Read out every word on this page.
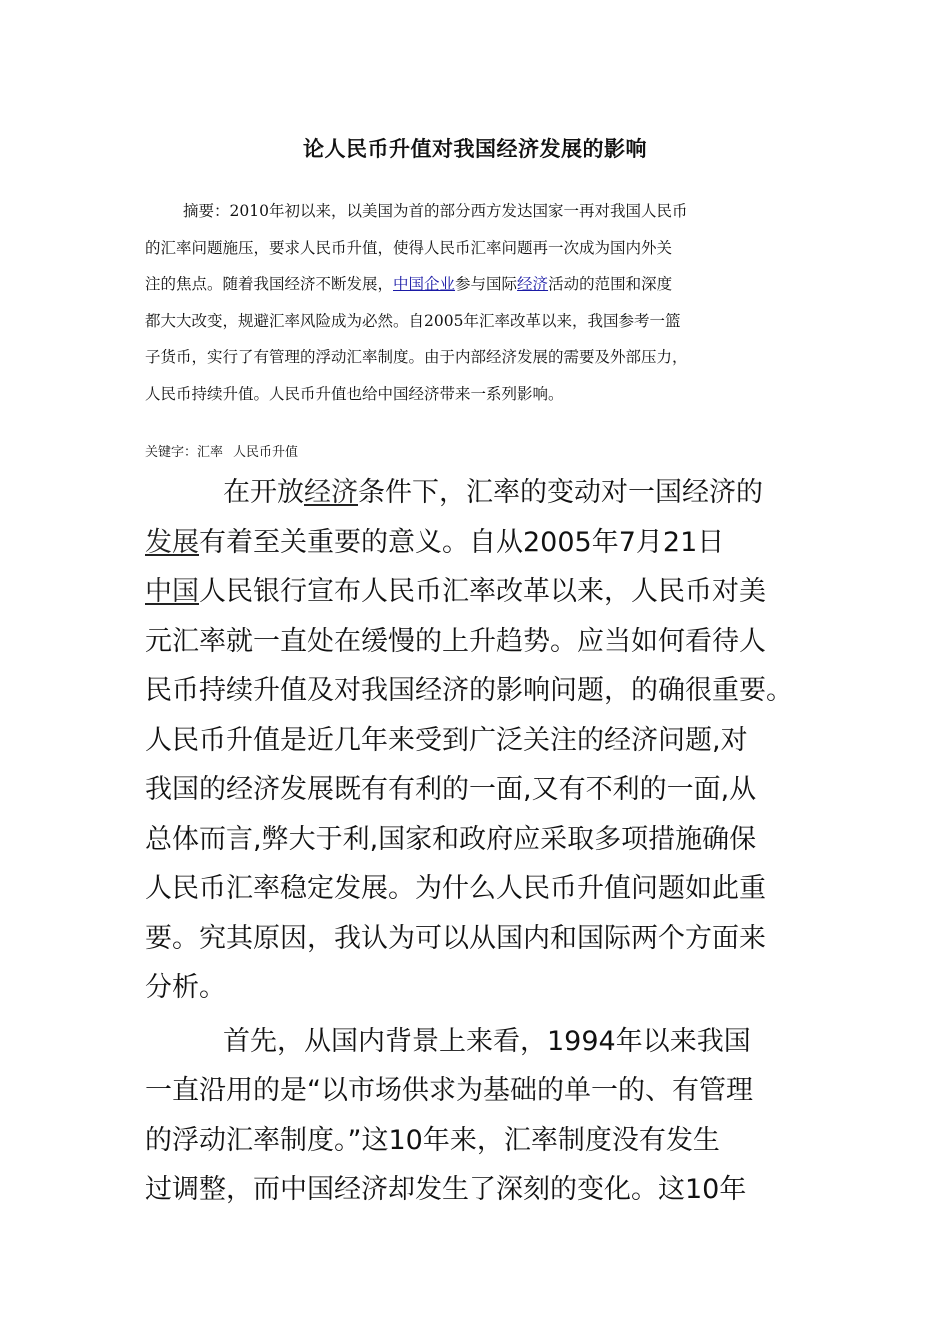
论人民币升值对我国经济发展的影响
摘要：2010年初以来，以美国为首的部分西方发达国家一再对我国人民币
的汇率问题施压，要求人民币升值，使得人民币汇率问题再一次成为国内外关
注的焦点。随着我国经济不断发展，中国企业参与国际经济活动的范围和深度
都大大改变，规避汇率风险成为必然。自2005年汇率改革以来，我国参考一篮
子货币，实行了有管理的浮动汇率制度。由于内部经济发展的需要及外部压力，
人民币持续升值。人民币升值也给中国经济带来一系列影响。
关键字：汇率 人民币升值

在开放经济条件下，汇率的变动对一国经济的
发展有着至关重要的意义。自从2005年7月21日
中国人民银行宣布人民币汇率改革以来，人民币对美
元汇率就一直处在缓慢的上升趋势。应当如何看待人
民币持续升值及对我国经济的影响问题，的确很重要。
人民币升值是近几年来受到广泛关注的经济问题,对
我国的经济发展既有有利的一面,又有不利的一面,从
总体而言,弊大于利,国家和政府应采取多项措施确保
人民币汇率稳定发展。为什么人民币升值问题如此重
要。究其原因，我认为可以从国内和国际两个方面来
分析。

首先，从国内背景上来看，1994年以来我国
一直沿用的是“以市场供求为基础的单一的、有管理
的浮动汇率制度。”这10年来，汇率制度没有发生
过调整，而中国经济却发生了深刻的变化。这10年
